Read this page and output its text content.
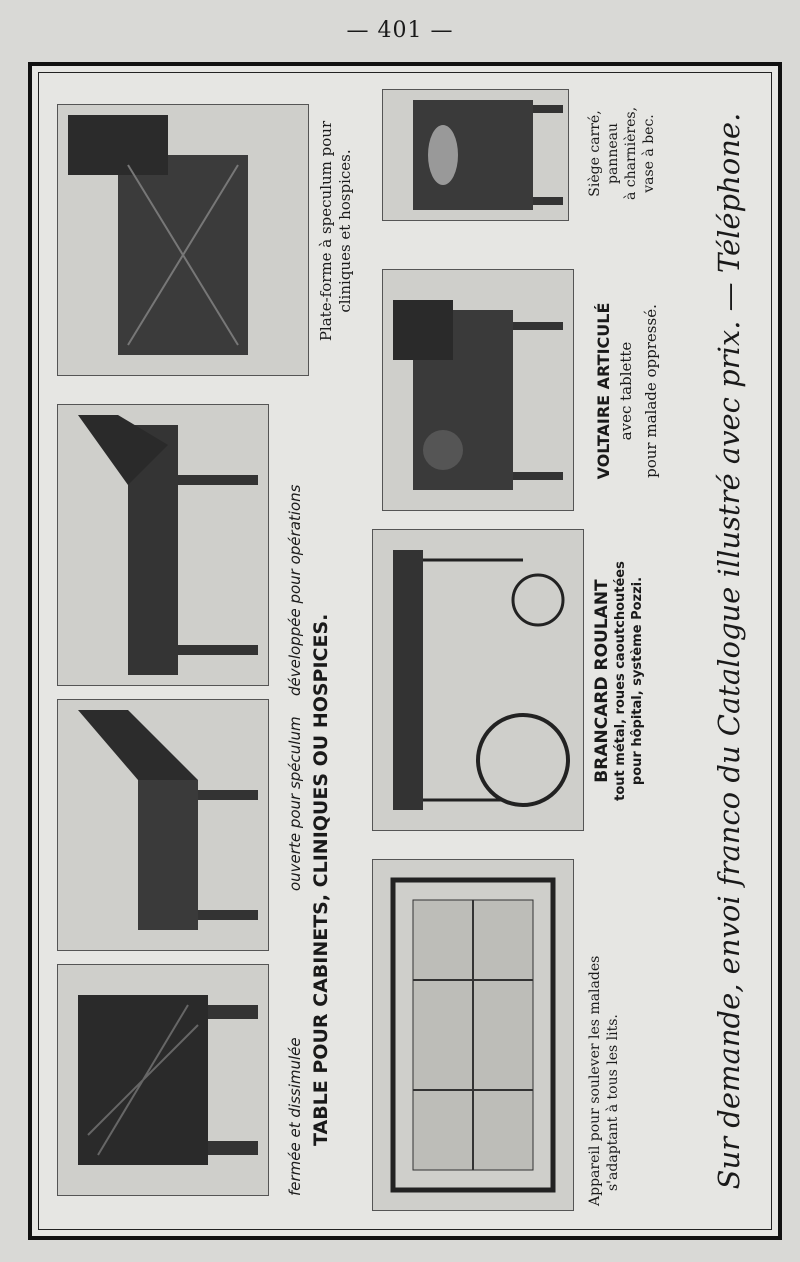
— 401 —
fermée et dissimulée
ouverte pour spéculum
développée pour opérations
TABLE POUR CABINETS, CLINIQUES OU HOSPICES.
Plate-forme à speculum pour cliniques et hospices.
Appareil pour soulever les malades s'adaptant à tous les lits.
BRANCARD ROULANT tout métal, roues caoutchoutées pour hôpital, système Pozzi.
VOLTAIRE ARTICULÉ avec tablette pour malade oppressé.
Siège carré, panneau à charnières, vase à bec. Sur demande, envoi franco du Catalogue illustré avec prix. — Téléphone.
